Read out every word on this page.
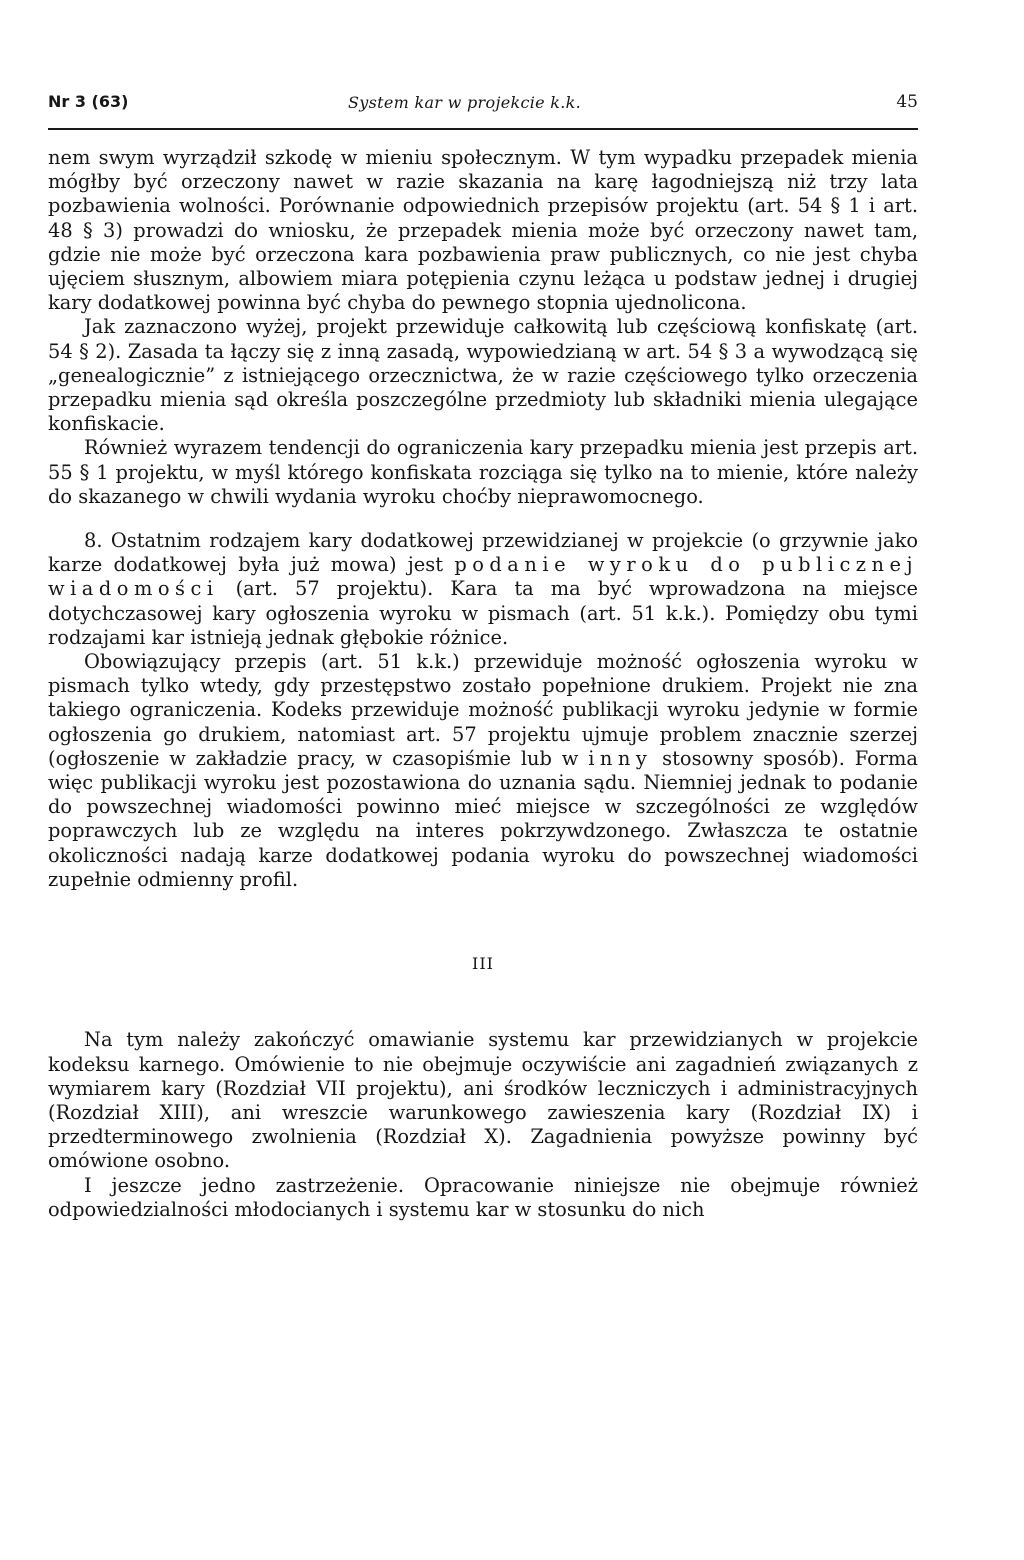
Nr 3 (63)	System kar w projekcie k.k.	45

nem swym wyrządził szkodę w mieniu społecznym. W tym wypadku przepadek mienia mógłby być orzeczony nawet w razie skazania na karę łagodniejszą niż trzy lata pozbawienia wolności. Porównanie odpowiednich przepisów projektu (art. 54 § 1 i art. 48 § 3) prowadzi do wniosku, że przepadek mienia może być orzeczony nawet tam, gdzie nie może być orzeczona kara pozbawienia praw publicznych, co nie jest chyba ujęciem słusznym, albowiem miara potępienia czynu leżąca u podstaw jednej i drugiej kary dodatkowej powinna być chyba do pewnego stopnia ujednolicona.

Jak zaznaczono wyżej, projekt przewiduje całkowitą lub częściową konfiskatę (art. 54 § 2). Zasada ta łączy się z inną zasadą, wypowiedzianą w art. 54 § 3 a wywodzącą się „genealogicznie” z istniejącego orzecznictwa, że w razie częściowego tylko orzeczenia przepadku mienia sąd określa poszczególne przedmioty lub składniki mienia ulegające konfiskacie.

Również wyrazem tendencji do ograniczenia kary przepadku mienia jest przepis art. 55 § 1 projektu, w myśl którego konfiskata rozciąga się tylko na to mienie, które należy do skazanego w chwili wydania wyroku choćby nieprawomocnego.

8. Ostatnim rodzajem kary dodatkowej przewidzianej w projekcie (o grzywnie jako karze dodatkowej była już mowa) jest podanie wyroku do publicznej wiadomości (art. 57 projektu). Kara ta ma być wprowadzona na miejsce dotychczasowej kary ogłoszenia wyroku w pismach (art. 51 k.k.). Pomiędzy obu tymi rodzajami kar istnieją jednak głębokie różnice.

Obowiązujący przepis (art. 51 k.k.) przewiduje możność ogłoszenia wyroku w pismach tylko wtedy, gdy przestępstwo zostało popełnione drukiem. Projekt nie zna takiego ograniczenia. Kodeks przewiduje możność publikacji wyroku jedynie w formie ogłoszenia go drukiem, natomiast art. 57 projektu ujmuje problem znacznie szerzej (ogłoszenie w zakładzie pracy, w czasopiśmie lub w inny stosowny sposób). Forma więc publikacji wyroku jest pozostawiona do uznania sądu. Niemniej jednak to podanie do powszechnej wiadomości powinno mieć miejsce w szczególności ze względów poprawczych lub ze względu na interes pokrzywdzonego. Zwłaszcza te ostatnie okoliczności nadają karze dodatkowej podania wyroku do powszechnej wiadomości zupełnie odmienny profil.

III

Na tym należy zakończyć omawianie systemu kar przewidzianych w projekcie kodeksu karnego. Omówienie to nie obejmuje oczywiście ani zagadnień związanych z wymiarem kary (Rozdział VII projektu), ani środków leczniczych i administracyjnych (Rozdział XIII), ani wreszcie warunkowego zawieszenia kary (Rozdział IX) i przedterminowego zwolnienia (Rozdział X). Zagadnienia powyższe powinny być omówione osobno.

I jeszcze jedno zastrzeżenie. Opracowanie niniejsze nie obejmuje również odpowiedzialności młodocianych i systemu kar w stosunku do nich
